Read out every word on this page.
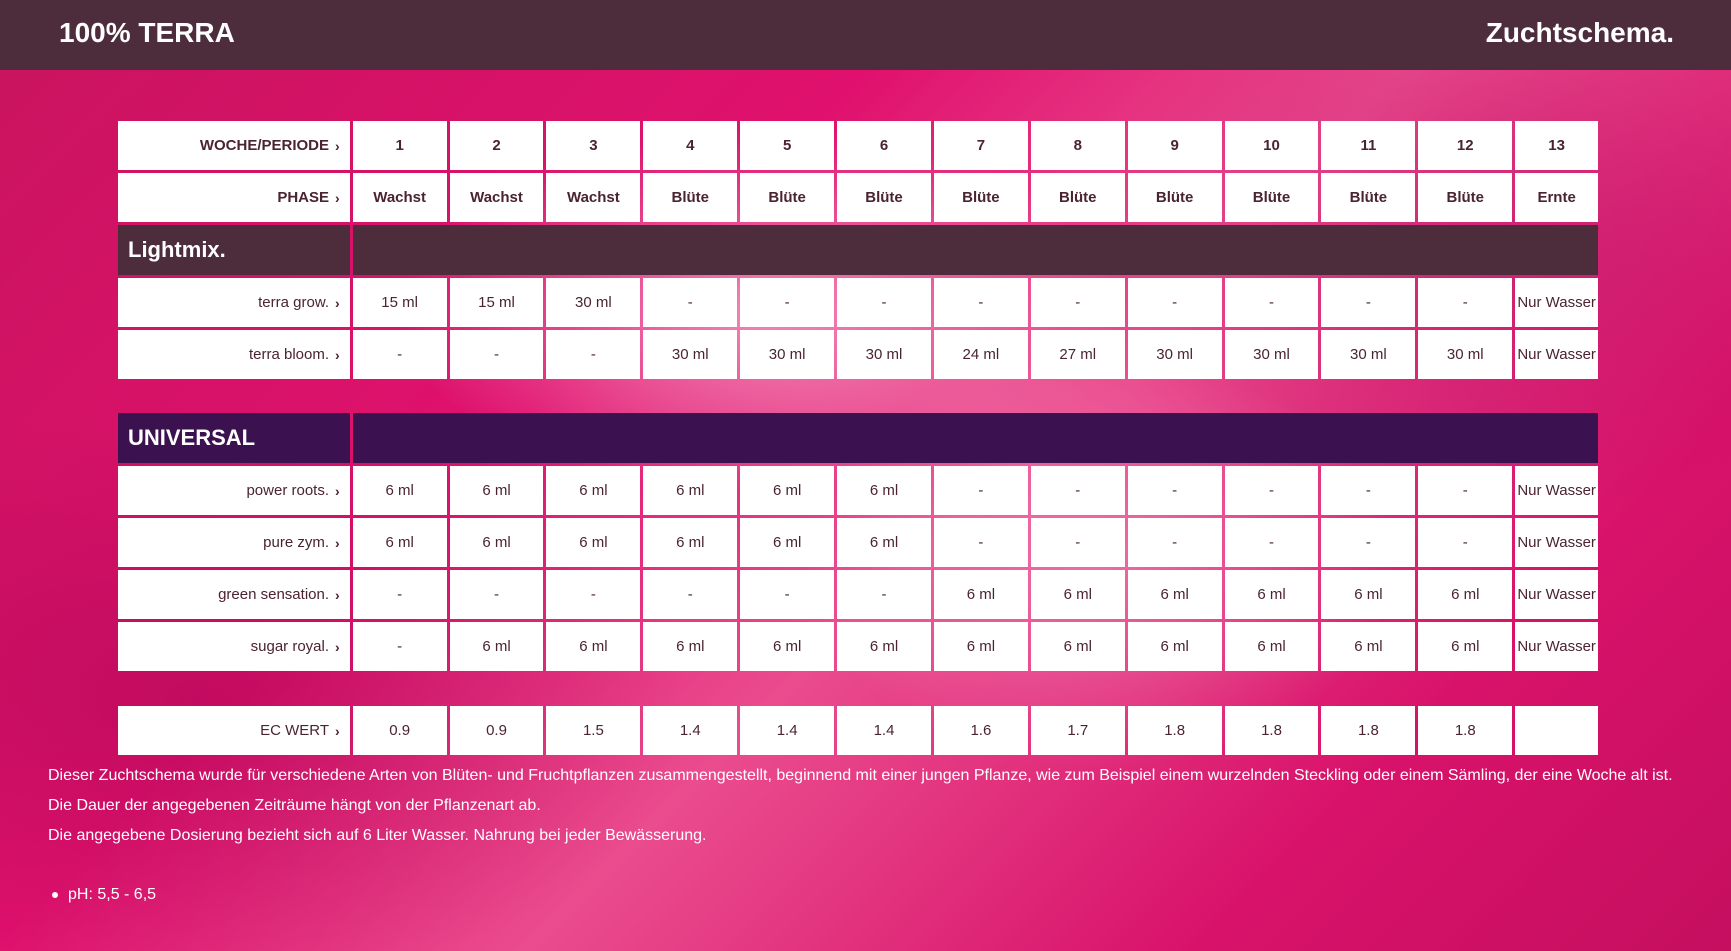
100% TERRA	Zuchtschema.
WOCHE/PERIODE ›	1	2	3	4	5	6	7	8	9	10	11	12	13
PHASE ›	Wachst	Wachst	Wachst	Blüte	Blüte	Blüte	Blüte	Blüte	Blüte	Blüte	Blüte	Blüte	Ernte
Lightmix.
terra grow. ›	15 ml	15 ml	30 ml	-	-	-	-	-	-	-	-	-	Nur Wasser
terra bloom. ›	-	-	-	30 ml	30 ml	30 ml	24 ml	27 ml	30 ml	30 ml	30 ml	30 ml	Nur Wasser
UNIVERSAL
power roots. ›	6 ml	6 ml	6 ml	6 ml	6 ml	6 ml	-	-	-	-	-	-	Nur Wasser
pure zym. ›	6 ml	6 ml	6 ml	6 ml	6 ml	6 ml	-	-	-	-	-	-	Nur Wasser
green sensation. ›	-	-	-	-	-	-	6 ml	6 ml	6 ml	6 ml	6 ml	6 ml	Nur Wasser
sugar royal. ›	-	6 ml	6 ml	6 ml	6 ml	6 ml	6 ml	6 ml	6 ml	6 ml	6 ml	6 ml	Nur Wasser
EC WERT ›	0.9	0.9	1.5	1.4	1.4	1.4	1.6	1.7	1.8	1.8	1.8	1.8
Dieser Zuchtschema wurde für verschiedene Arten von Blüten- und Fruchtpflanzen zusammengestellt, beginnend mit einer jungen Pflanze, wie zum Beispiel einem wurzelnden Steckling oder einem Sämling, der eine Woche alt ist.
Die Dauer der angegebenen Zeiträume hängt von der Pflanzenart ab.
Die angegebene Dosierung bezieht sich auf 6 Liter Wasser. Nahrung bei jeder Bewässerung.
pH: 5,5 - 6,5
